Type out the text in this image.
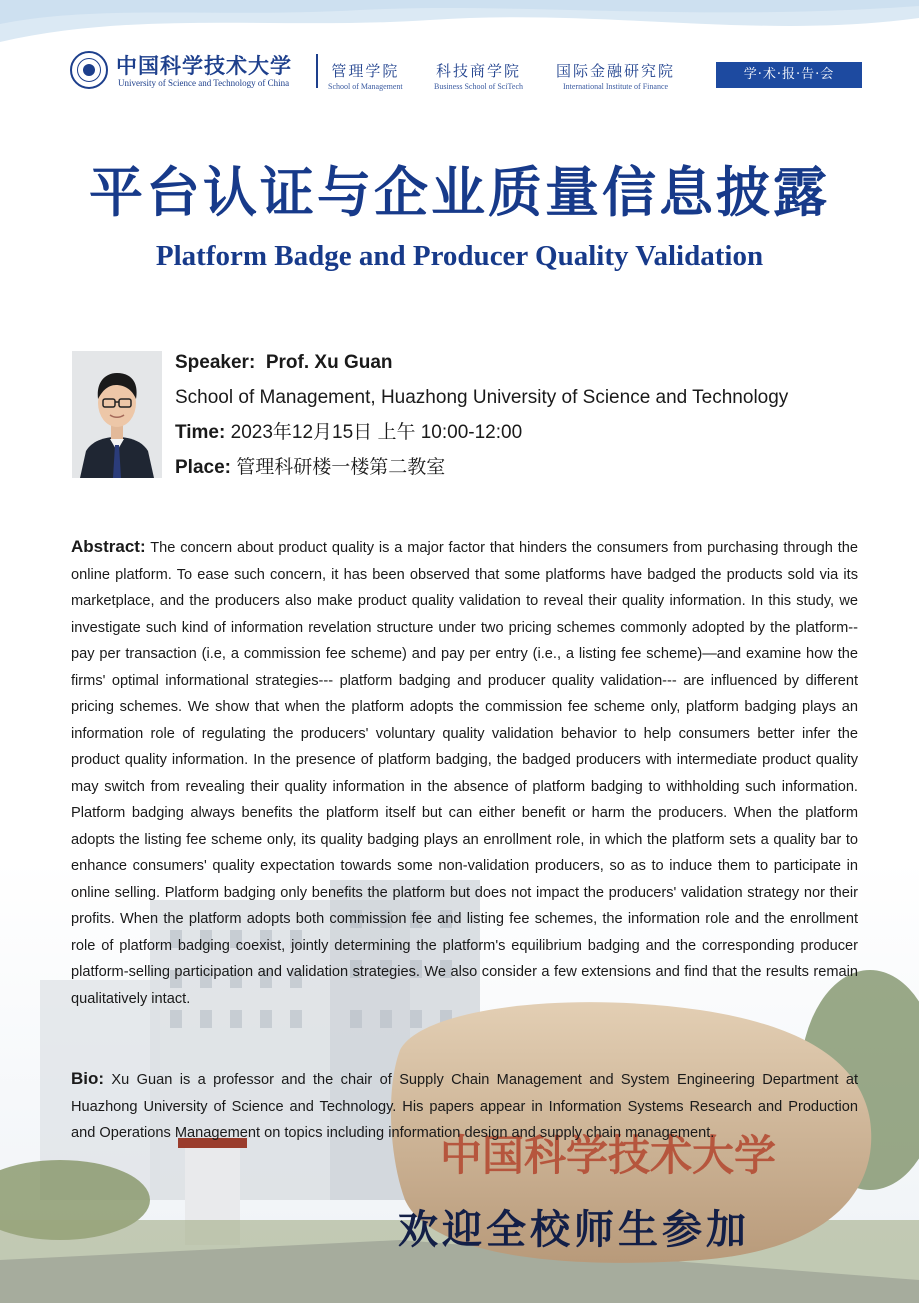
中国科学技术大学
中国科学技术大学
University of Science and Technology of China
管理学院
School of Management
科技商学院
Business School of SciTech
国际金融研究院
International Institute of Finance
学·术·报·告·会
平台认证与企业质量信息披露
Platform Badge and Producer Quality Validation
Speaker: Prof. Xu Guan
School of Management, Huazhong University of Science and Technology
Time: 2023年12月15日 上午 10:00-12:00
Place: 管理科研楼一楼第二教室
Abstract: The concern about product quality is a major factor that hinders the consumers from purchasing through the online platform. To ease such concern, it has been observed that some platforms have badged the products sold via its marketplace, and the producers also make product quality validation to reveal their quality information. In this study, we investigate such kind of information revelation structure under two pricing schemes commonly adopted by the platform-- pay per transaction (i.e, a commission fee scheme) and pay per entry (i.e., a listing fee scheme)—and examine how the firms' optimal informational strategies--- platform badging and producer quality validation--- are influenced by different pricing schemes. We show that when the platform adopts the commission fee scheme only, platform badging plays an information role of regulating the producers' voluntary quality validation behavior to help consumers better infer the product quality information. In the presence of platform badging, the badged producers with intermediate product quality may switch from revealing their quality information in the absence of platform badging to withholding such information. Platform badging always benefits the platform itself but can either benefit or harm the producers. When the platform adopts the listing fee scheme only, its quality badging plays an enrollment role, in which the platform sets a quality bar to enhance consumers' quality expectation towards some non-validation producers, so as to induce them to participate in online selling. Platform badging only benefits the platform but does not impact the producers' validation strategy nor their profits. When the platform adopts both commission fee and listing fee schemes, the information role and the enrollment role of platform badging coexist, jointly determining the platform's equilibrium badging and the corresponding producer platform-selling participation and validation strategies. We also consider a few extensions and find that the results remain qualitatively intact.
Bio: Xu Guan is a professor and the chair of Supply Chain Management and System Engineering Department at Huazhong University of Science and Technology. His papers appear in Information Systems Research and Production and Operations Management on topics including information design and supply chain management.
欢迎全校师生参加
